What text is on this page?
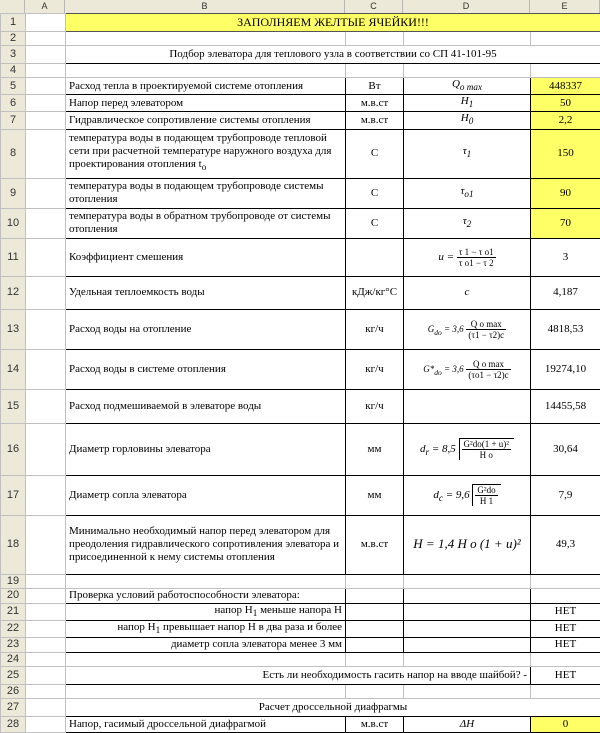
A	B	C	D	E
1		ЗАПОЛНЯЕМ ЖЕЛТЫЕ ЯЧЕЙКИ!!!			
2					
3		Подбор элеватора для теплового узла в соответствии со СП 41-101-95			
4					
5		Расход тепла в проектируемой системе отопления	Вт	$Q_{o max}$	448337
6		Напор перед элеватором	м.в.ст	$H_1$	50
7		Гидравлическое сопротивление системы отопления	м.в.ст	$H_0$	2,2
8		температура воды в подающем трубопроводе тепловой сети при расчетной температуре наружного воздуха для проектирования отопления $t_o$	С	$\tau_1$	150
9		температура воды в подающем трубопроводе системы отопления	С	$\tau_{o1}$	90
10		температура воды в обратном трубопроводе от системы отопления	С	$\tau_2$	70
11		Коэффициент смешения		$u = \frac{\text{τ 1 − τ o1}}{\text{τ o1 − τ 2}}$	3
12		Удельная теплоемкость воды	кДж/кг°С	c	4,187
13		Расход воды на отопление	кг/ч	$G_{do} = 3,6 \frac{\text{Q o max}}{(\tau 1 - \tau 2)c}$	4818,53
14		Расход воды в системе отопления	кг/ч	$G*_{do} = 3,6 \frac{\text{Q o max}}{(\tau o1 - \tau 2)c}$	19274,10
15		Расход подмешиваемой в элеваторе воды	кг/ч		14455,58
16		Диаметр горловины элеватора	мм	$d_r = 8,5 \frac{\text{G²do(1 + u)²}}{\text{H o}}$	30,64
17		Диаметр сопла элеватора	мм	$d_c = 9,6 \frac{\text{G²do}}{H 1}$	7,9
18		Минимально необходимый напор перед элеватором для преодоления гидравлического сопротивления элеватора и присоединенной к нему системы отопления	м.в.ст	H = 1,4 H o (1 + u)²	49,3
19					
20		Проверка условий работоспособности элеватора:			
21		напор $H_1$ меньше напора H			НЕТ
22		напор $H_1$ превышает напор H в два раза и более			НЕТ
23		диаметр сопла элеватора менее 3 мм			НЕТ
24					
25		Есть ли необходимость гасить напор на вводе шайбой? -			НЕТ
26					
27		Расчет дроссельной диафрагмы			
28		Напор, гасимый дроссельной диафрагмой	м.в.ст	ΔH	0
